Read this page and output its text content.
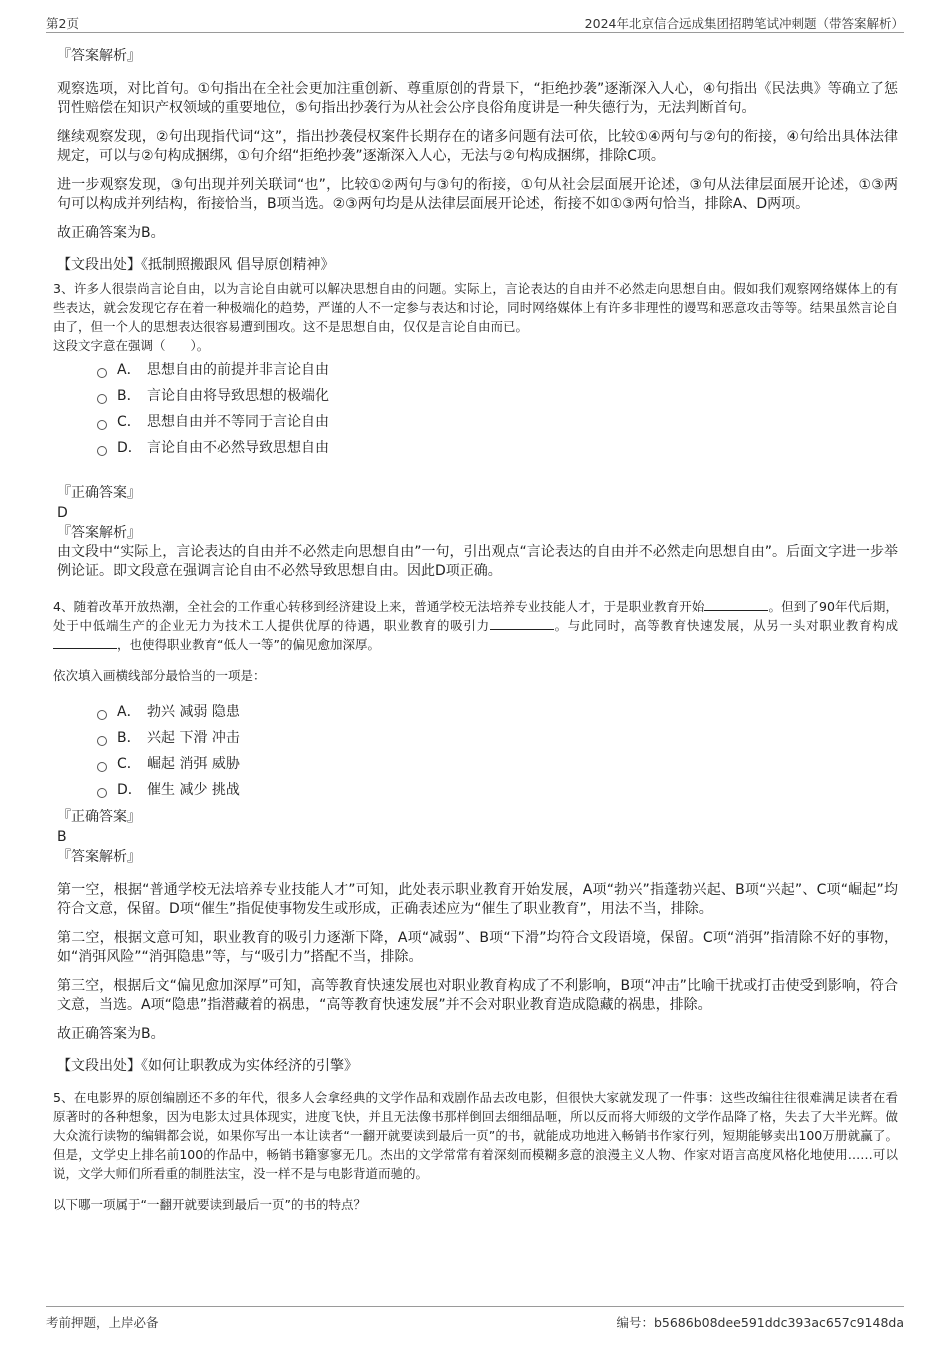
第2页	2024年北京信合远成集团招聘笔试冲刺题（带答案解析）

『答案解析』

观察选项，对比首句。①句指出在全社会更加注重创新、尊重原创的背景下，“拒绝抄袭”逐渐深入人心，④句指出《民法典》等确立了惩罚性赔偿在知识产权领域的重要地位，⑤句指出抄袭行为从社会公序良俗角度讲是一种失德行为，无法判断首句。

继续观察发现，②句出现指代词“这”，指出抄袭侵权案件长期存在的诸多问题有法可依，比较①④两句与②句的衔接，④句给出具体法律规定，可以与②句构成捆绑，①句介绍“拒绝抄袭”逐渐深入人心，无法与②句构成捆绑，排除C项。

进一步观察发现，③句出现并列关联词“也”，比较①②两句与③句的衔接，①句从社会层面展开论述，③句从法律层面展开论述，①③两句可以构成并列结构，衔接恰当，B项当选。②③两句均是从法律层面展开论述，衔接不如①③两句恰当，排除A、D两项。

故正确答案为B。

【文段出处】《抵制照搬跟风 倡导原创精神》

3、许多人很崇尚言论自由，以为言论自由就可以解决思想自由的问题。实际上，言论表达的自由并不必然走向思想自由。假如我们观察网络媒体上的有些表达，就会发现它存在着一种极端化的趋势，严谨的人不一定参与表达和讨论，同时网络媒体上有许多非理性的谩骂和恶意攻击等等。结果虽然言论自由了，但一个人的思想表达很容易遭到围攻。这不是思想自由，仅仅是言论自由而已。

这段文字意在强调（　　）。

A． 思想自由的前提并非言论自由
B． 言论自由将导致思想的极端化
C． 思想自由并不等同于言论自由
D． 言论自由不必然导致思想自由

『正确答案』

D

『答案解析』

由文段中“实际上，言论表达的自由并不必然走向思想自由”一句，引出观点“言论表达的自由并不必然走向思想自由”。后面文字进一步举例论证。即文段意在强调言论自由不必然导致思想自由。因此D项正确。

4、随着改革开放热潮，全社会的工作重心转移到经济建设上来，普通学校无法培养专业技能人才，于是职业教育开始	。但到了90年代后期，处于中低端生产的企业无力为技术工人提供优厚的待遇，职业教育的吸引力	。与此同时，高等教育快速发展，从另一头对职业教育构成，也使得职业教育“低人一等”的偏见愈加深厚。

依次填入画横线部分最恰当的一项是：

A． 勃兴 减弱 隐患
B． 兴起 下滑 冲击
C． 崛起 消弭 威胁
D． 催生 减少 挑战

『正确答案』

B

『答案解析』

第一空，根据“普通学校无法培养专业技能人才”可知，此处表示职业教育开始发展，A项“勃兴”指蓬勃兴起、B项“兴起”、C项“崛起”均符合文意，保留。D项“催生”指促使事物发生或形成，正确表述应为“催生了职业教育”，用法不当，排除。

第二空，根据文意可知，职业教育的吸引力逐渐下降，A项“减弱”、B项“下滑”均符合文段语境，保留。C项“消弭”指清除不好的事物，如“消弭风险”“消弭隐患”等，与“吸引力”搭配不当，排除。

第三空，根据后文“偏见愈加深厚”可知，高等教育快速发展也对职业教育构成了不利影响，B项“冲击”比喻干扰或打击使受到影响，符合文意，当选。A项“隐患”指潜藏着的祸患，“高等教育快速发展”并不会对职业教育造成隐藏的祸患，排除。

故正确答案为B。

【文段出处】《如何让职教成为实体经济的引擎》

5、在电影界的原创编剧还不多的年代，很多人会拿经典的文学作品和戏剧作品去改电影，但很快大家就发现了一件事：这些改编往往很难满足读者在看原著时的各种想象，因为电影太过具体现实，进度飞快，并且无法像书那样倒回去细细品咂，所以反而将大师级的文学作品降了格，失去了大半光辉。做大众流行读物的编辑都会说，如果你写出一本让读者“一翻开就要读到最后一页”的书，就能成功地进入畅销书作家行列，短期能够卖出100万册就赢了。但是，文学史上排名前100的作品中，畅销书籍寥寥无几。杰出的文学常常有着深刻而模糊多意的浪漫主义人物、作家对语言高度风格化地使用……可以说，文学大师们所看重的制胜法宝，没一样不是与电影背道而驰的。

以下哪一项属于“一翻开就要读到最后一页”的书的特点？

考前押题，上岸必备	编号：b5686b08dee591ddc393ac657c9148da
